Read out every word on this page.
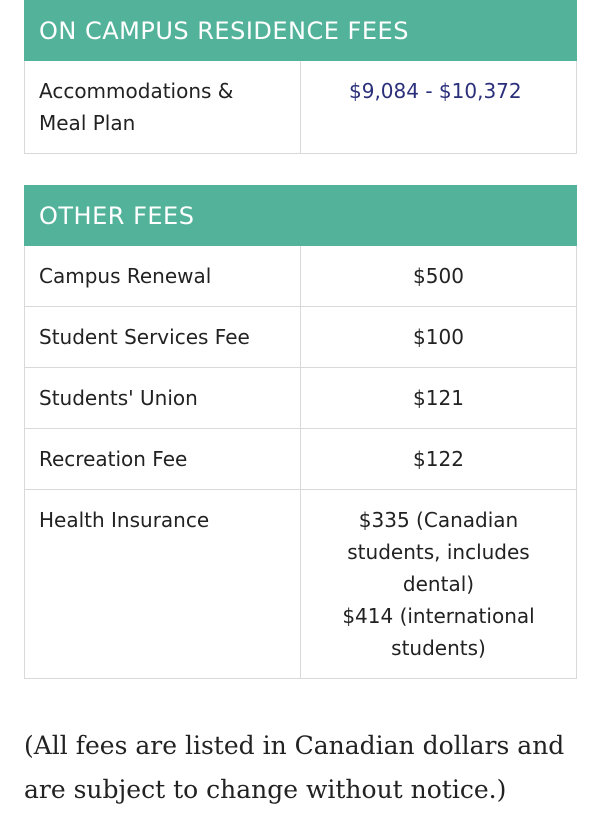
ON CAMPUS RESIDENCE FEES
Accommodations & Meal Plan	$9,084 - $10,372
OTHER FEES	
Campus Renewal	$500
Student Services Fee	$100
Students' Union	$121
Recreation Fee	$122
Health Insurance	$335 (Canadian students, includes dental)
$414 (international students)

(All fees are listed in Canadian dollars and are subject to change without notice.)
